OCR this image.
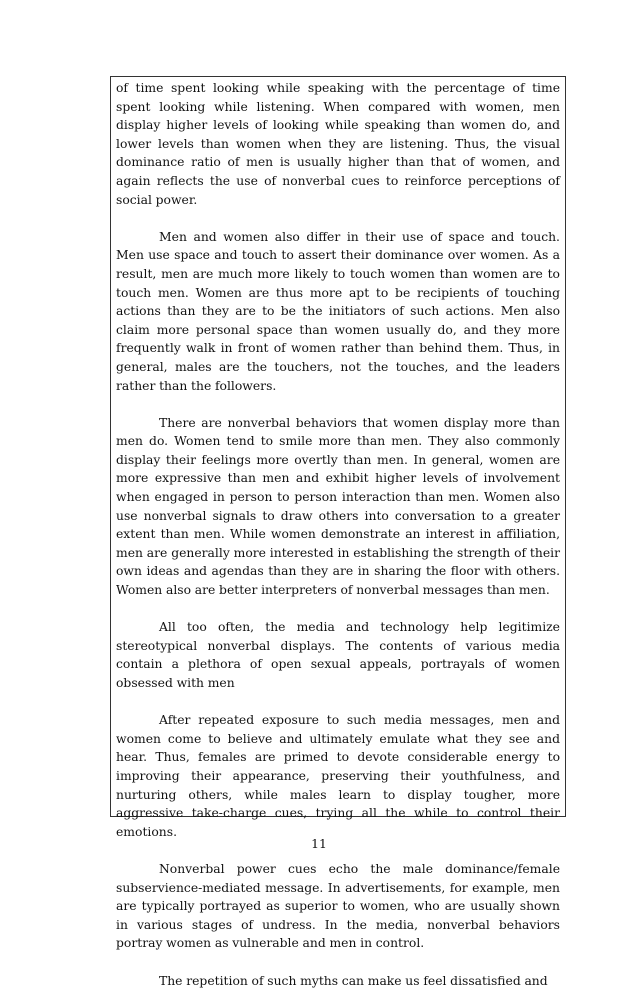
of time spent looking while speaking with the percentage of time spent looking while listening. When compared with women, men display higher levels of looking while speaking than women do, and lower levels than women when they are listening. Thus, the visual dominance ratio of men is usually higher than that of women, and again reflects the use of nonverbal cues to reinforce perceptions of social power.

Men and women also differ in their use of space and touch. Men use space and touch to assert their dominance over women. As a result, men are much more likely to touch women than women are to touch men. Women are thus more apt to be recipients of touching actions than they are to be the initiators of such actions. Men also claim more personal space than women usually do, and they more frequently walk in front of women rather than behind them. Thus, in general, males are the touchers, not the touches, and the leaders rather than the followers.

There are nonverbal behaviors that women display more than men do. Women tend to smile more than men. They also commonly display their feelings more overtly than men. In general, women are more expressive than men and exhibit higher levels of involvement when engaged in person to person interaction than men. Women also use nonverbal signals to draw others into conversation to a greater extent than men. While women demonstrate an interest in affiliation, men are generally more interested in establishing the strength of their own ideas and agendas than they are in sharing the floor with others. Women also are better interpreters of nonverbal messages than men.

All too often, the media and technology help legitimize stereotypical nonverbal displays. The contents of various media contain a plethora of open sexual appeals, portrayals of women obsessed with men

After repeated exposure to such media messages, men and women come to believe and ultimately emulate what they see and hear. Thus, females are primed to devote considerable energy to improving their appearance, preserving their youthfulness, and nurturing others, while males learn to display tougher, more aggressive take-charge cues, trying all the while to control their emotions.

Nonverbal power cues echo the male dominance/female subservience-mediated message. In advertisements, for example, men are typically portrayed as superior to women, who are usually shown in various stages of undress. In the media, nonverbal behaviors portray women as vulnerable and men in control.

The repetition of such myths can make us feel dissatisfied and

11
